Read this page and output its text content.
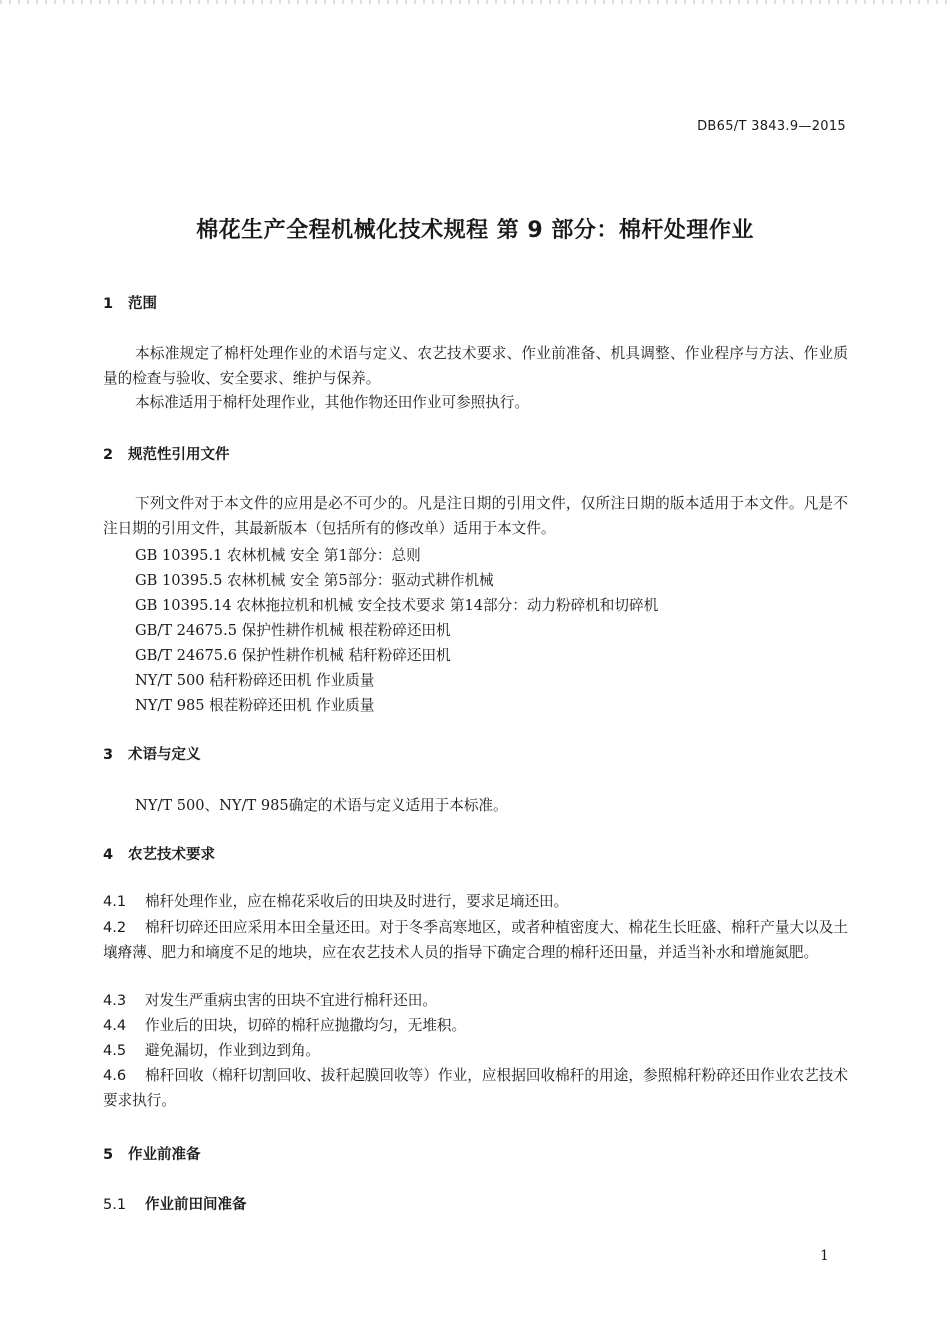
DB65/T 3843.9—2015
棉花生产全程机械化技术规程 第 9 部分：棉杆处理作业
1 范围
本标准规定了棉杆处理作业的术语与定义、农艺技术要求、作业前准备、机具调整、作业程序与方法、作业质量的检查与验收、安全要求、维护与保养。
本标准适用于棉杆处理作业，其他作物还田作业可参照执行。
2 规范性引用文件
下列文件对于本文件的应用是必不可少的。凡是注日期的引用文件，仅所注日期的版本适用于本文件。凡是不注日期的引用文件，其最新版本（包括所有的修改单）适用于本文件。
GB 10395.1 农林机械 安全 第1部分：总则
GB 10395.5 农林机械 安全 第5部分：驱动式耕作机械
GB 10395.14 农林拖拉机和机械 安全技术要求 第14部分：动力粉碎机和切碎机
GB/T 24675.5 保护性耕作机械 根茬粉碎还田机
GB/T 24675.6 保护性耕作机械 秸秆粉碎还田机
NY/T 500 秸秆粉碎还田机 作业质量
NY/T 985 根茬粉碎还田机 作业质量
3 术语与定义
NY/T 500、NY/T 985确定的术语与定义适用于本标准。
4 农艺技术要求
4.1 棉秆处理作业，应在棉花采收后的田块及时进行，要求足墒还田。
4.2 棉秆切碎还田应采用本田全量还田。对于冬季高寒地区，或者种植密度大、棉花生长旺盛、棉秆产量大以及土壤瘠薄、肥力和墒度不足的地块，应在农艺技术人员的指导下确定合理的棉秆还田量，并适当补水和增施氮肥。
4.3 对发生严重病虫害的田块不宜进行棉秆还田。
4.4 作业后的田块，切碎的棉秆应抛撒均匀，无堆积。
4.5 避免漏切，作业到边到角。
4.6 棉秆回收（棉秆切割回收、拔秆起膜回收等）作业，应根据回收棉秆的用途，参照棉秆粉碎还田作业农艺技术要求执行。
5 作业前准备
5.1 作业前田间准备
1
